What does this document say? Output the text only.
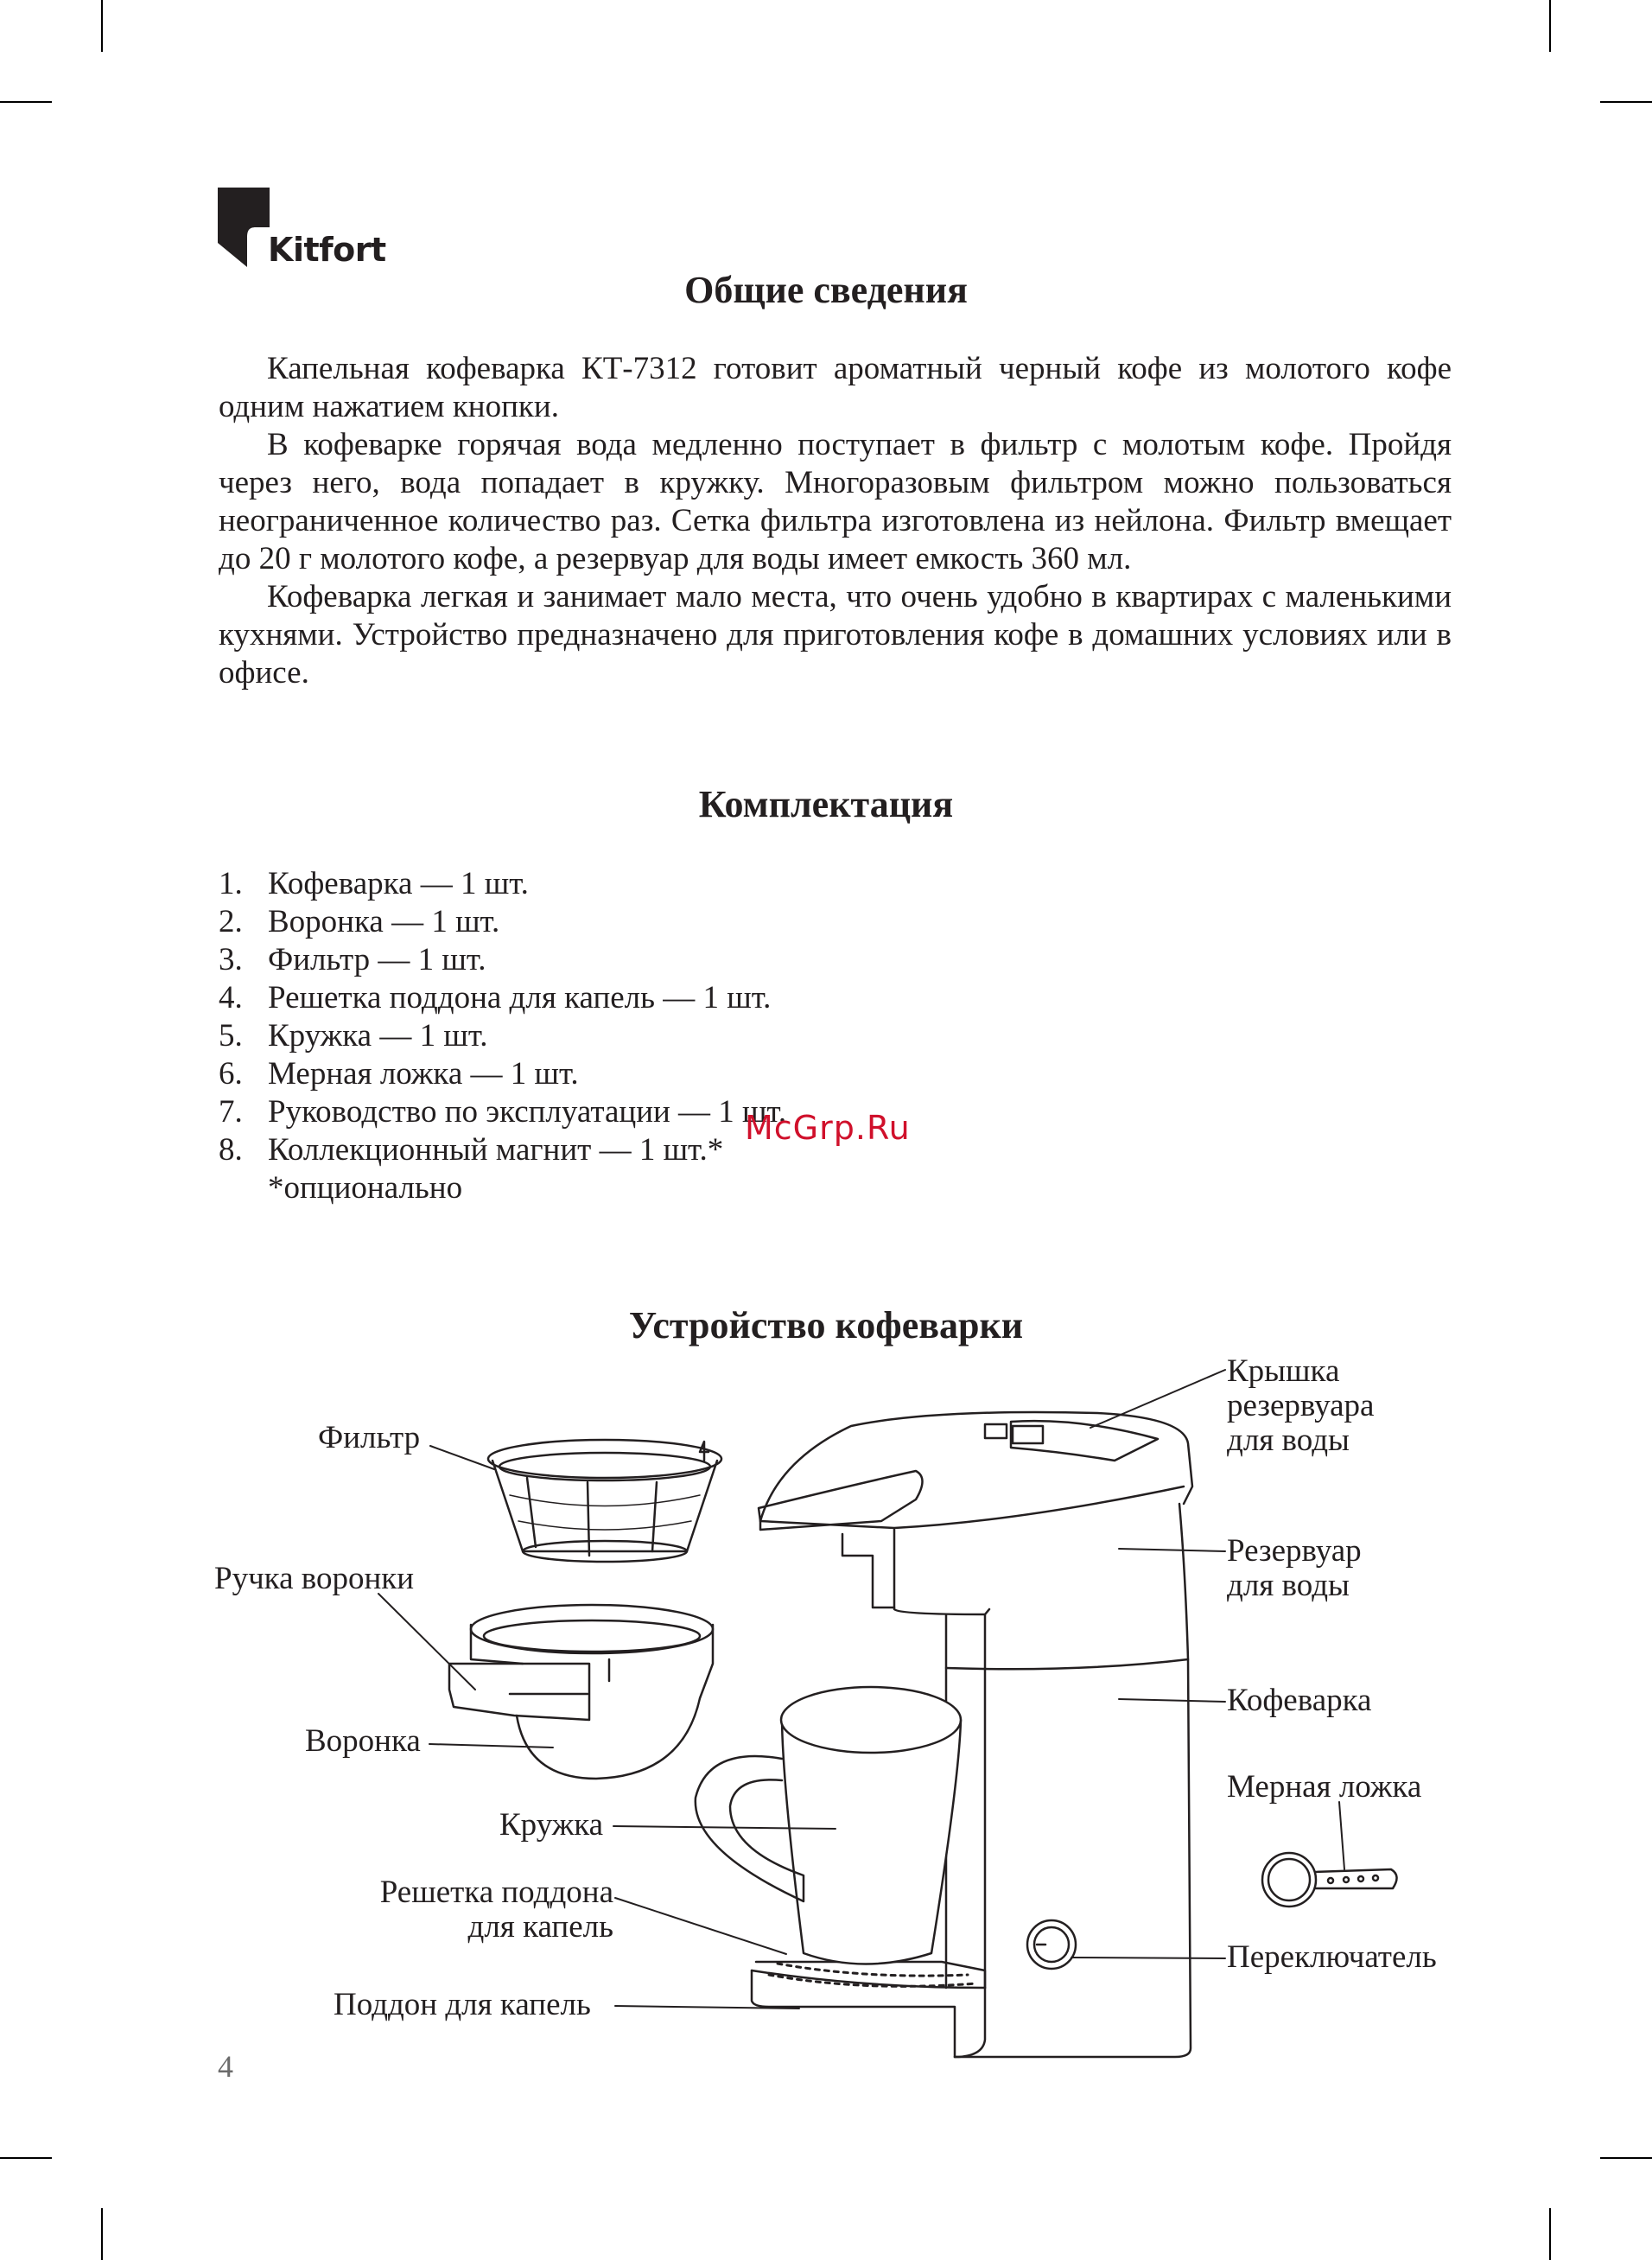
Kitfort
Общие сведения

Капельная кофеварка КТ-7312 готовит ароматный черный кофе из молотого кофе одним нажатием кнопки.

В кофеварке горячая вода медленно поступает в фильтр с молотым кофе. Пройдя через него, вода попадает в кружку. Многоразовым фильтром можно пользоваться неограниченное количество раз. Сетка фильтра изготовлена из нейлона. Фильтр вмещает до 20 г молотого кофе, а резервуар для воды имеет емкость 360 мл.

Кофеварка легкая и занимает мало места, что очень удобно в квартирах с маленькими кухнями. Устройство предназначено для приготовления кофе в домашних условиях или в офисе.

Комплектация
1. Кофеварка — 1 шт.
2. Воронка — 1 шт.
3. Фильтр — 1 шт.
4. Решетка поддона для капель — 1 шт.
5. Кружка — 1 шт.
6. Мерная ложка — 1 шт.
7. Руководство по эксплуатации — 1 шт.
8. Коллекционный магнит — 1 шт.*
*опционально
McGrp.Ru
Устройство кофеварки
Фильтр
Ручка воронки
Воронка
Кружка
Решетка поддона
для капель
Поддон для капель
Крышка
резервуара
для воды
Резервуар
для воды
Кофеварка
Мерная ложка
Переключатель
4
